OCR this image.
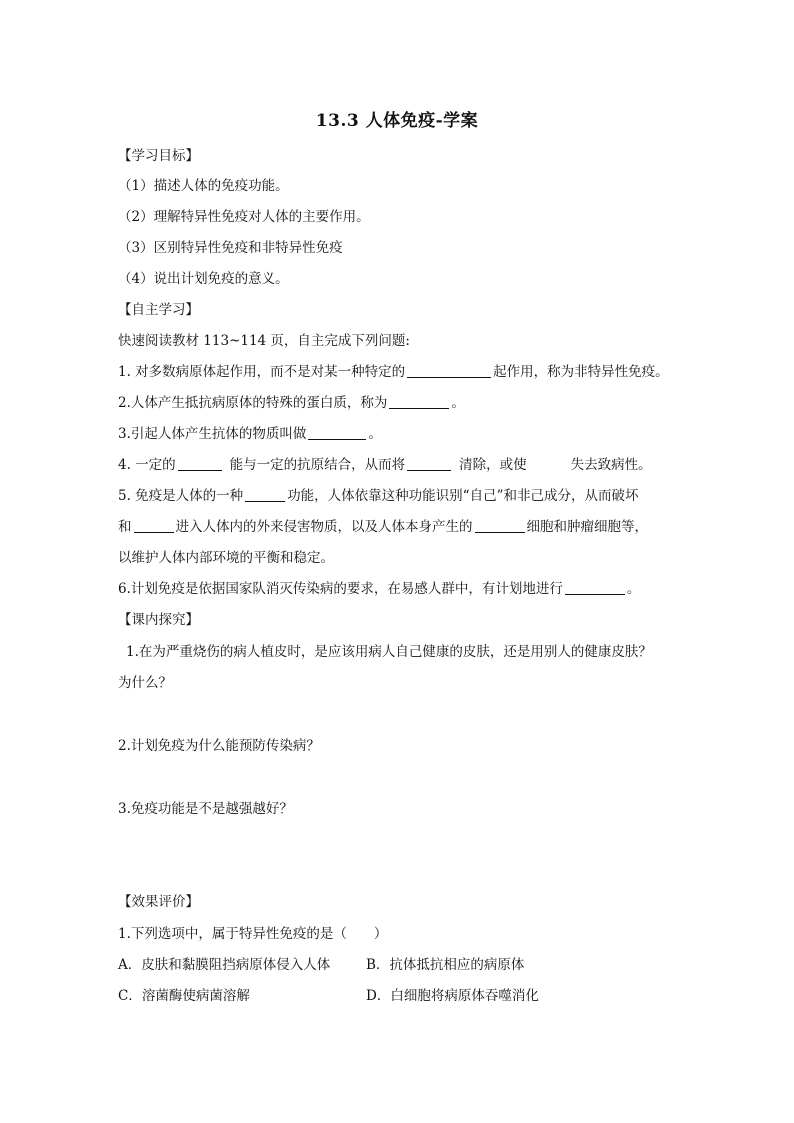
13.3 人体免疫-学案
【学习目标】
（1）描述人体的免疫功能。
（2）理解特异性免疫对人体的主要作用。
（3）区别特异性免疫和非特异性免疫
（4）说出计划免疫的意义。
【自主学习】
快速阅读教材 113~114 页，自主完成下列问题:
1. 对多数病原体起作用，而不是对某一种特定的	起作用，称为非特异性免疫。
2.人体产生抵抗病原体的特殊的蛋白质，称为	。
3.引起人体产生抗体的物质叫做	。
4. 一定的	能与一定的抗原结合，从而将	清除，或使	失去致病性。
5. 免疫是人体的一种	功能，人体依靠这种功能识别“自己”和非己成分，从而破坏
和	进入人体内的外来侵害物质，以及人体本身产生的	细胞和肿瘤细胞等，
以维护人体内部环境的平衡和稳定。
6.计划免疫是依据国家队消灭传染病的要求，在易感人群中，有计划地进行	。
【课内探究】
1.在为严重烧伤的病人植皮时，是应该用病人自己健康的皮肤，还是用别人的健康皮肤？
为什么？
2.计划免疫为什么能预防传染病？
3.免疫功能是不是越强越好？
【效果评价】
1.下列选项中，属于特异性免疫的是（　　）
A．皮肤和黏膜阻挡病原体侵入人体	B．抗体抵抗相应的病原体
C．溶菌酶使病菌溶解	D．白细胞将病原体吞噬消化
